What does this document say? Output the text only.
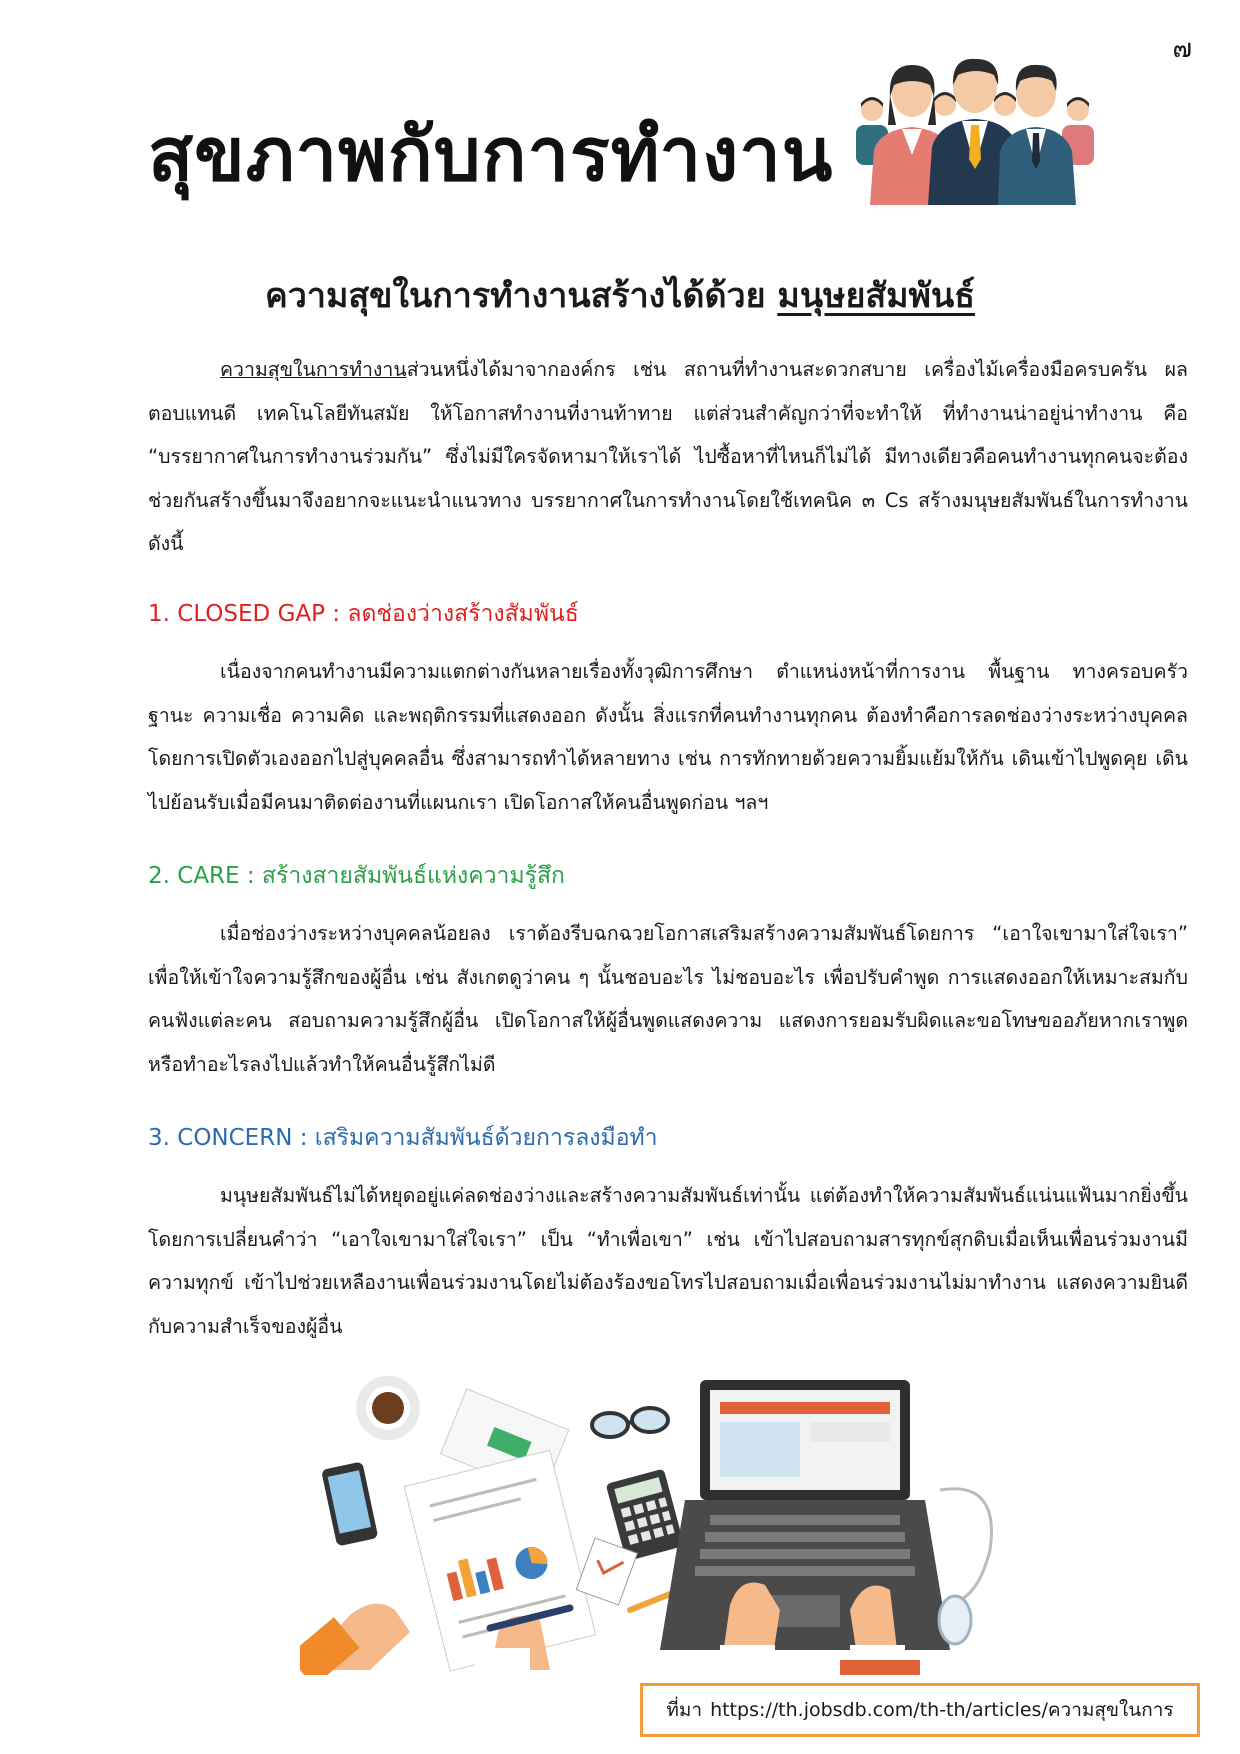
๗
สุขภาพกับการทำงาน
ความสุขในการทำงานสร้างได้ด้วย มนุษยสัมพันธ์

ความสุขในการทำงานส่วนหนึ่งได้มาจากองค์กร เช่น สถานที่ทำงานสะดวกสบาย เครื่องไม้เครื่องมือครบครัน ผลตอบแทนดี เทคโนโลยีทันสมัย ให้โอกาสทำงานที่งานท้าทาย แต่ส่วนสำคัญกว่าที่จะทำให้ ที่ทำงานน่าอยู่น่าทำงาน คือ “บรรยากาศในการทำงานร่วมกัน” ซึ่งไม่มีใครจัดหามาให้เราได้ ไปซื้อหาที่ไหนก็ไม่ได้ มีทางเดียวคือคนทำงานทุกคนจะต้องช่วยกันสร้างขึ้นมาจึงอยากจะแนะนำแนวทาง บรรยากาศในการทำงานโดยใช้เทคนิค ๓ Cs สร้างมนุษยสัมพันธ์ในการทำงานดังนี้

1. CLOSED GAP : ลดช่องว่างสร้างสัมพันธ์

เนื่องจากคนทำงานมีความแตกต่างกันหลายเรื่องทั้งวุฒิการศึกษา ตำแหน่งหน้าที่การงาน พื้นฐาน ทางครอบครัว ฐานะ ความเชื่อ ความคิด และพฤติกรรมที่แสดงออก ดังนั้น สิ่งแรกที่คนทำงานทุกคน ต้องทำคือการลดช่องว่างระหว่างบุคคลโดยการเปิดตัวเองออกไปสู่บุคคลอื่น ซึ่งสามารถทำได้หลายทาง เช่น การทักทายด้วยความยิ้มแย้มให้กัน เดินเข้าไปพูดคุย เดินไปย้อนรับเมื่อมีคนมาติดต่องานที่แผนกเรา เปิดโอกาสให้คนอื่นพูดก่อน ฯลฯ

2. CARE : สร้างสายสัมพันธ์แห่งความรู้สึก

เมื่อช่องว่างระหว่างบุคคลน้อยลง เราต้องรีบฉกฉวยโอกาสเสริมสร้างความสัมพันธ์โดยการ “เอาใจเขามาใส่ใจเรา” เพื่อให้เข้าใจความรู้สึกของผู้อื่น เช่น สังเกตดูว่าคน ๆ นั้นชอบอะไร ไม่ชอบอะไร เพื่อปรับคำพูด การแสดงออกให้เหมาะสมกับคนฟังแต่ละคน สอบถามความรู้สึกผู้อื่น เปิดโอกาสให้ผู้อื่นพูดแสดงความ แสดงการยอมรับผิดและขอโทษขออภัยหากเราพูดหรือทำอะไรลงไปแล้วทำให้คนอื่นรู้สึกไม่ดี

3. CONCERN : เสริมความสัมพันธ์ด้วยการลงมือทำ

มนุษยสัมพันธ์ไม่ได้หยุดอยู่แค่ลดช่องว่างและสร้างความสัมพันธ์เท่านั้น แต่ต้องทำให้ความสัมพันธ์แน่นแฟ้นมากยิ่งขึ้นโดยการเปลี่ยนคำว่า “เอาใจเขามาใส่ใจเรา” เป็น “ทำเพื่อเขา” เช่น เข้าไปสอบถามสารทุกข์สุกดิบเมื่อเห็นเพื่อนร่วมงานมีความทุกข์ เข้าไปช่วยเหลืองานเพื่อนร่วมงานโดยไม่ต้องร้องขอโทรไปสอบถามเมื่อเพื่อนร่วมงานไม่มาทำงาน แสดงความยินดีกับความสำเร็จของผู้อื่น

ที่มา https://th.jobsdb.com/th-th/articles/ความสุขในการ
